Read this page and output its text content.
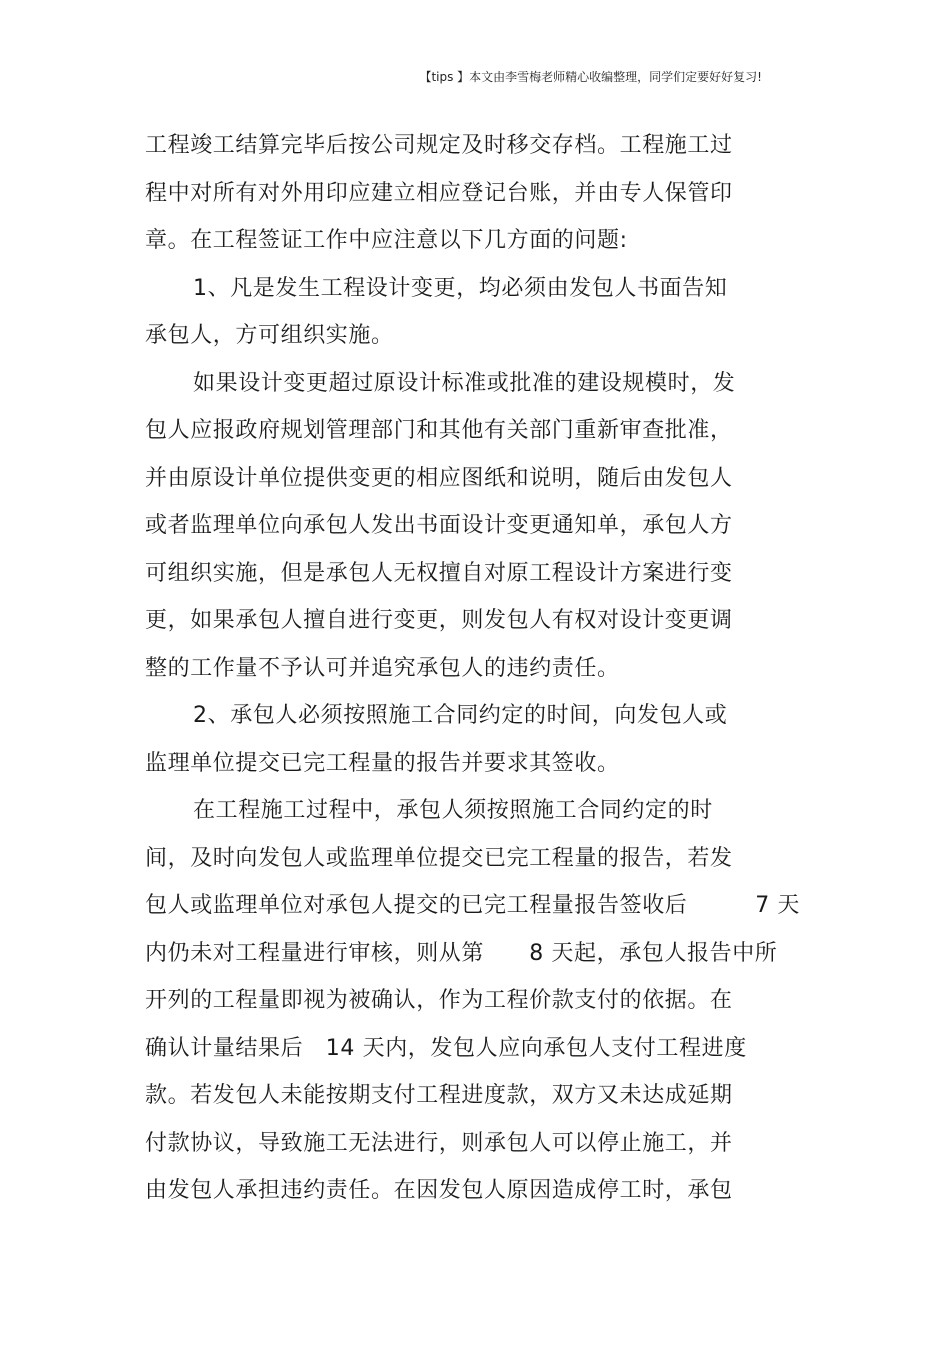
【tips 】本文由李雪梅老师精心收编整理，同学们定要好好复习!
工程竣工结算完毕后按公司规定及时移交存档。工程施工过
程中对所有对外用印应建立相应登记台账，并由专人保管印
章。在工程签证工作中应注意以下几方面的问题:
1、凡是发生工程设计变更，均必须由发包人书面告知
承包人，方可组织实施。
如果设计变更超过原设计标准或批准的建设规模时，发
包人应报政府规划管理部门和其他有关部门重新审查批准，
并由原设计单位提供变更的相应图纸和说明，随后由发包人
或者监理单位向承包人发出书面设计变更通知单，承包人方
可组织实施，但是承包人无权擅自对原工程设计方案进行变
更，如果承包人擅自进行变更，则发包人有权对设计变更调
整的工作量不予认可并追究承包人的违约责任。
2、承包人必须按照施工合同约定的时间，向发包人或
监理单位提交已完工程量的报告并要求其签收。
在工程施工过程中，承包人须按照施工合同约定的时
间，及时向发包人或监理单位提交已完工程量的报告，若发
包人或监理单位对承包人提交的已完工程量报告签收后　　　7 天
内仍未对工程量进行审核，则从第　　8 天起，承包人报告中所
开列的工程量即视为被确认，作为工程价款支付的依据。在
确认计量结果后　14 天内，发包人应向承包人支付工程进度
款。若发包人未能按期支付工程进度款，双方又未达成延期
付款协议，导致施工无法进行，则承包人可以停止施工，并
由发包人承担违约责任。在因发包人原因造成停工时，承包
